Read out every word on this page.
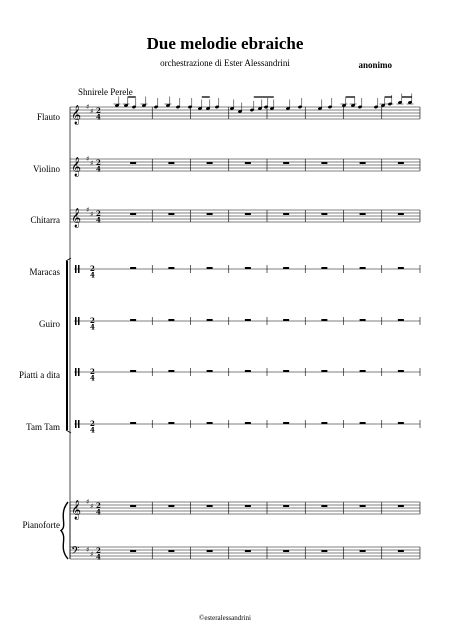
Due melodie ebraiche
orchestrazione di Ester Alessandrini	anonimo
Shnirele Perele
Flauto
Violino
Chitarra
Maracas
Guiro
Piatti a dita
Tam Tam
Pianoforte
𝄞 ♯
♯ 2
4
𝄞 ♯
♯ 2
4
𝄞 ♯
♯ 2
4
2
4
2
4
2
4
2
4
𝄞 ♯
♯ 2
4
𝄢 ♯
♯ 2
4
©esteralessandrini
